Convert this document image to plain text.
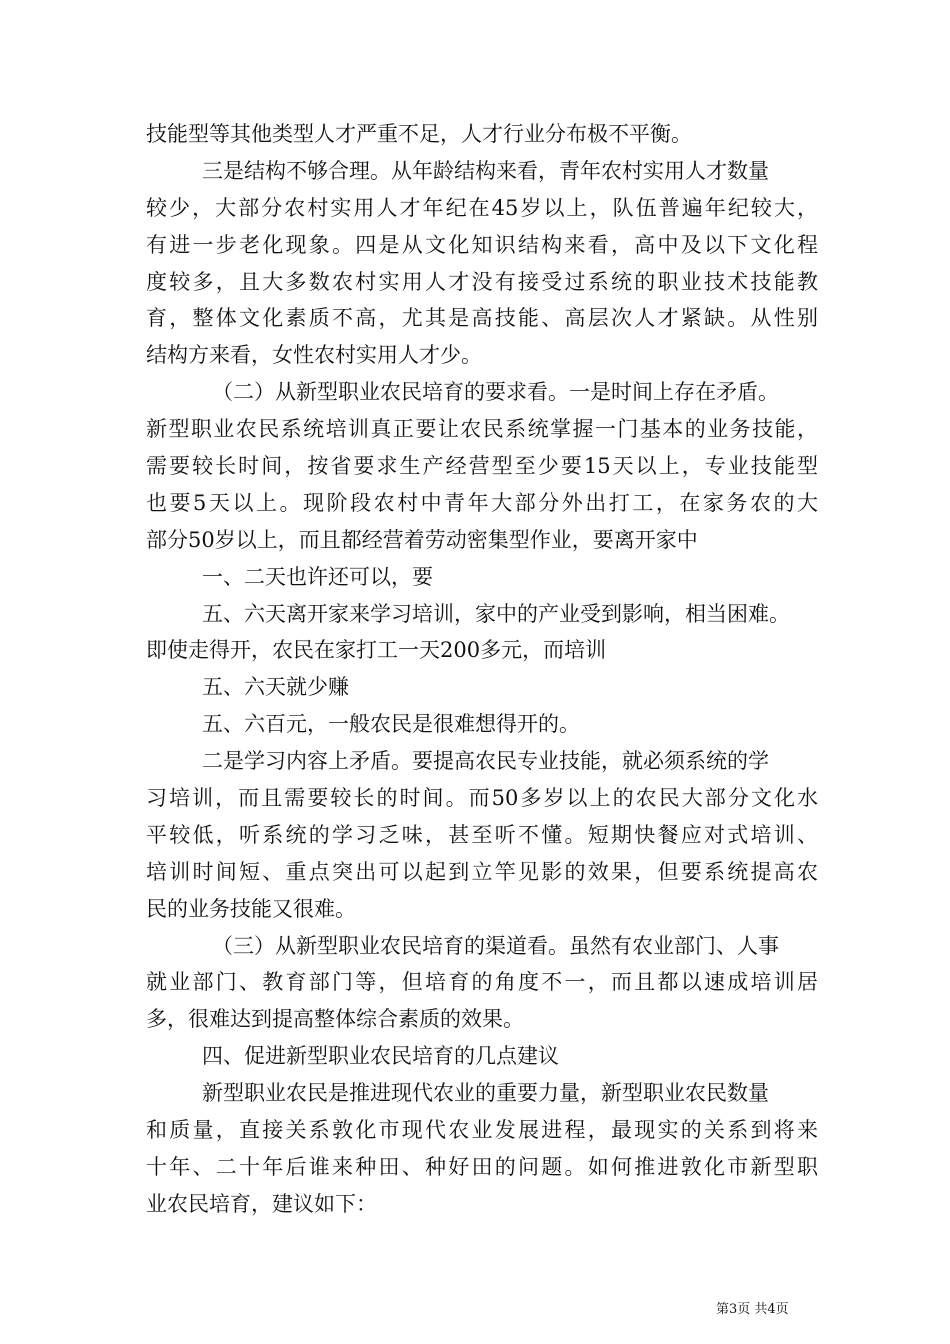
技能型等其他类型人才严重不足，人才行业分布极不平衡。
三是结构不够合理。从年龄结构来看，青年农村实用人才数量
较少，大部分农村实用人才年纪在45岁以上，队伍普遍年纪较大，
有进一步老化现象。四是从文化知识结构来看，高中及以下文化程
度较多，且大多数农村实用人才没有接受过系统的职业技术技能教
育，整体文化素质不高，尤其是高技能、高层次人才紧缺。从性别
结构方来看，女性农村实用人才少。
（二）从新型职业农民培育的要求看。一是时间上存在矛盾。
新型职业农民系统培训真正要让农民系统掌握一门基本的业务技能，
需要较长时间，按省要求生产经营型至少要15天以上，专业技能型
也要5天以上。现阶段农村中青年大部分外出打工，在家务农的大
部分50岁以上，而且都经营着劳动密集型作业，要离开家中
一、二天也许还可以，要
五、六天离开家来学习培训，家中的产业受到影响，相当困难。
即使走得开，农民在家打工一天200多元，而培训
五、六天就少赚
五、六百元，一般农民是很难想得开的。
二是学习内容上矛盾。要提高农民专业技能，就必须系统的学
习培训，而且需要较长的时间。而50多岁以上的农民大部分文化水
平较低，听系统的学习乏味，甚至听不懂。短期快餐应对式培训、
培训时间短、重点突出可以起到立竿见影的效果，但要系统提高农
民的业务技能又很难。
（三）从新型职业农民培育的渠道看。虽然有农业部门、人事
就业部门、教育部门等，但培育的角度不一，而且都以速成培训居
多，很难达到提高整体综合素质的效果。
四、促进新型职业农民培育的几点建议
新型职业农民是推进现代农业的重要力量，新型职业农民数量
和质量，直接关系敦化市现代农业发展进程，最现实的关系到将来
十年、二十年后谁来种田、种好田的问题。如何推进敦化市新型职
业农民培育，建议如下：
第3页 共4页
